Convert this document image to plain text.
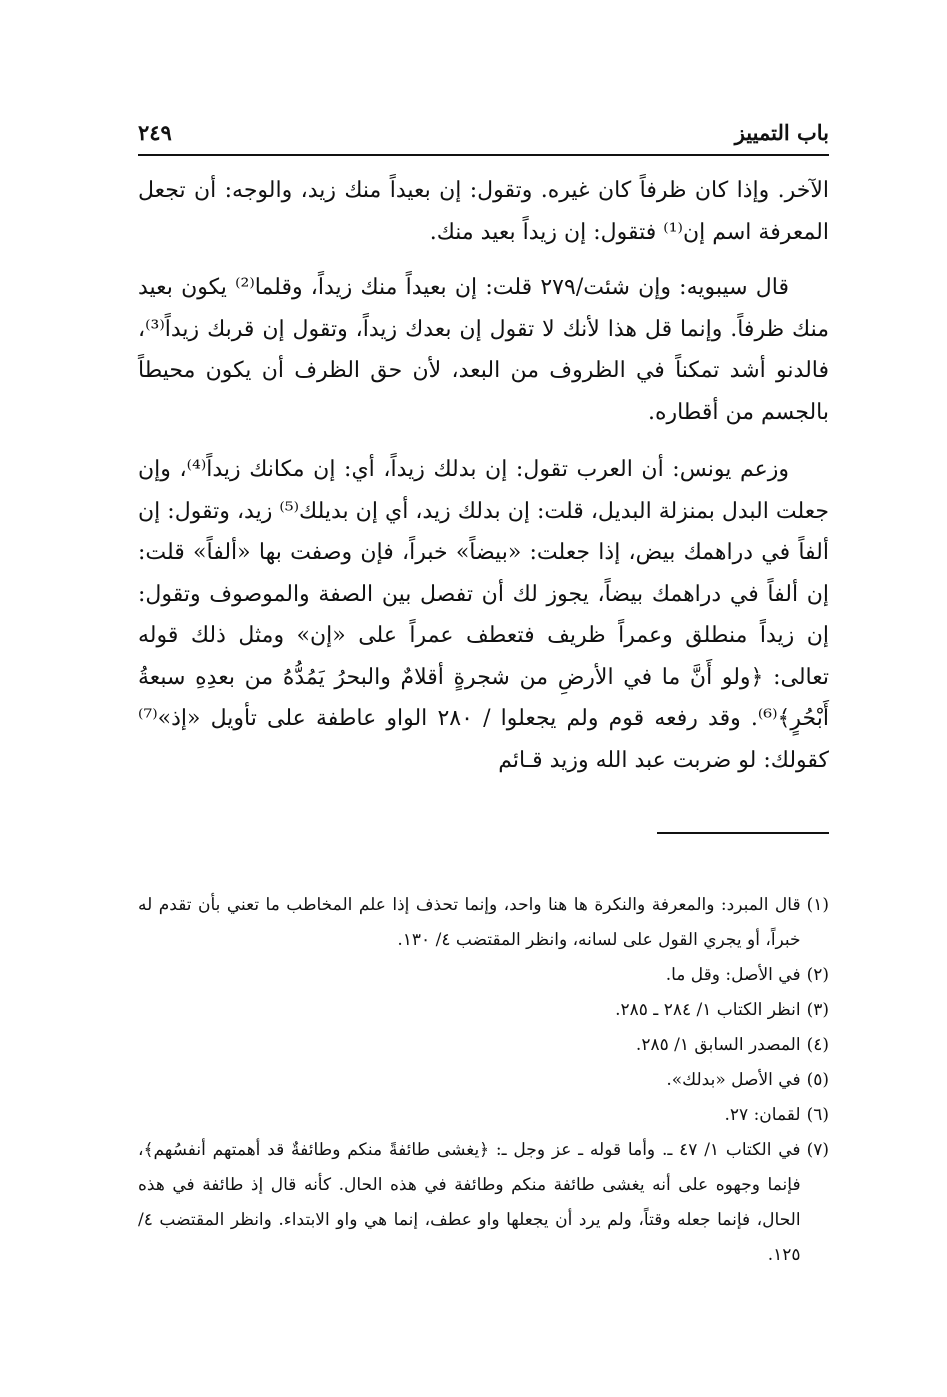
باب التمييز
٢٤٩

الآخر. وإذا كان ظرفاً كان غيره. وتقول: إن بعيداً منك زيد، والوجه: أن تجعل المعرفة اسم إن⁽¹⁾ فتقول: إن زيداً بعيد منك.

قال سيبويه: وإن شئت/٢٧٩ قلت: إن بعيداً منك زيداً، وقلما⁽²⁾ يكون بعيد منك ظرفاً. وإنما قل هذا لأنك لا تقول إن بعدك زيداً، وتقول إن قربك زيداً⁽³⁾، فالدنو أشد تمكناً في الظروف من البعد، لأن حق الظرف أن يكون محيطاً بالجسم من أقطاره.

وزعم يونس: أن العرب تقول: إن بدلك زيداً، أي: إن مكانك زيداً⁽⁴⁾، وإن جعلت البدل بمنزلة البديل، قلت: إن بدلك زيد، أي إن بديلك⁽⁵⁾ زيد، وتقول: إن ألفاً في دراهمك بيض، إذا جعلت: «بيضاً» خبراً، فإن وصفت بها «ألفاً» قلت: إن ألفاً في دراهمك بيضاً، يجوز لك أن تفصل بين الصفة والموصوف وتقول: إن زيداً منطلق وعمراً ظريف فتعطف عمراً على «إن» ومثل ذلك قوله تعالى: ﴿ولو أَنَّ ما في الأرضِ من شجرةٍ أقلامٌ والبحرُ يَمُدُّهُ من بعدِهِ سبعةُ أَبْحُرٍ﴾⁽⁶⁾. وقد رفعه قوم ولم يجعلوا / ٢٨٠ الواو عاطفة على تأويل «إذ»⁽⁷⁾ كقولك: لو ضربت عبد الله وزيد قـائم

(١)
قال المبرد: والمعرفة والنكرة ها هنا واحد، وإنما تحذف إذا علم المخاطب ما تعني بأن تقدم له خبراً، أو يجري القول على لسانه، وانظر المقتضب ٤/ ١٣٠.
(٢)
في الأصل: وقل ما.
(٣)
انظر الكتاب ١/ ٢٨٤ ـ ٢٨٥.
(٤)
المصدر السابق ١/ ٢٨٥.
(٥)
في الأصل «بدلك».
(٦)
لقمان: ٢٧.
(٧)
في الكتاب ١/ ٤٧ ـ. وأما قوله ـ عز وجل ـ: ﴿يغشى طائفةً منكم وطائفةٌ قد أهمتهم أنفسُهم﴾، فإنما وجهوه على أنه يغشى طائفة منكم وطائفة في هذه الحال. كأنه قال إذ طائفة في هذه الحال، فإنما جعله وقتاً، ولم يرد أن يجعلها واو عطف، إنما هي واو الابتداء. وانظر المقتضب ٤/ ١٢٥.
